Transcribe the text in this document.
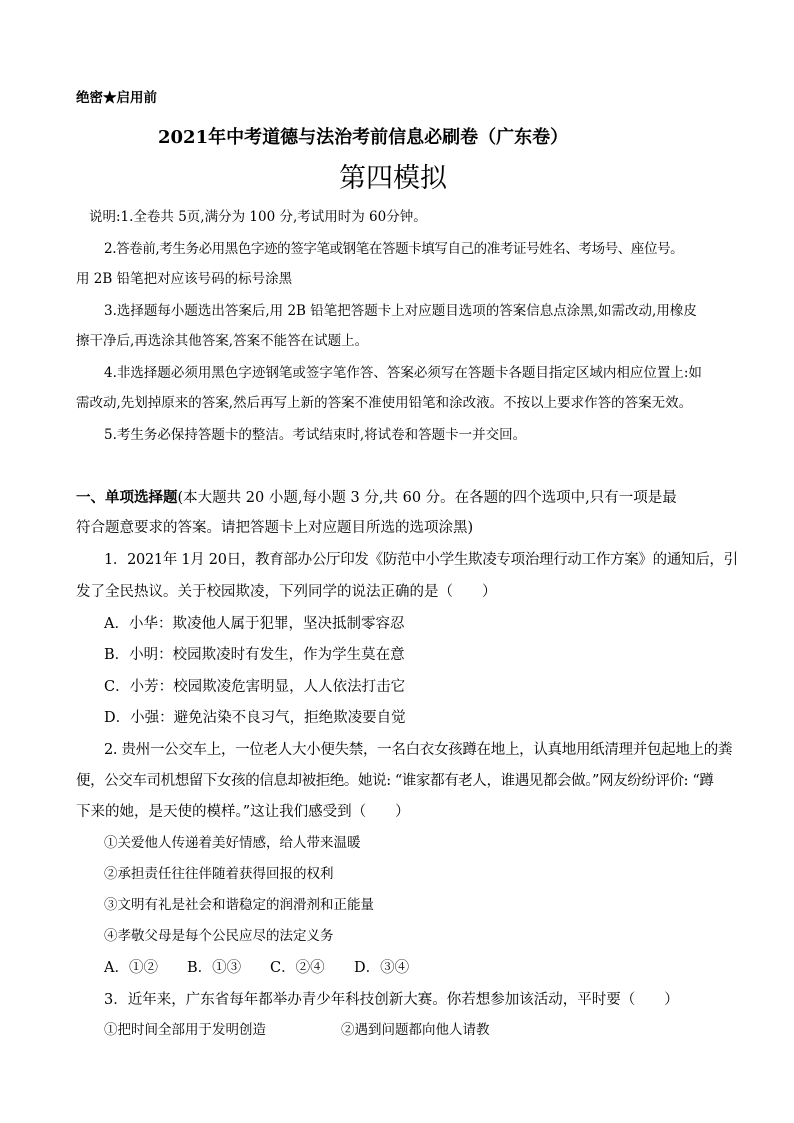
绝密★启用前
2021年中考道德与法治考前信息必刷卷（广东卷）
第四模拟
说明:1.全卷共 5页,满分为 100 分,考试用时为 60分钟。
2.答卷前,考生务必用黑色字迹的签字笔或钢笔在答题卡填写自己的准考证号姓名、考场号、座位号。
用 2B 铅笔把对应该号码的标号涂黑
3.选择题每小题选出答案后,用 2B 铅笔把答题卡上对应题目选项的答案信息点涂黑,如需改动,用橡皮
擦干净后,再选涂其他答案,答案不能答在试题上。
4.非选择题必须用黑色字迹钢笔或签字笔作答、答案必须写在答题卡各题目指定区域内相应位置上:如
需改动,先划掉原来的答案,然后再写上新的答案不准使用铅笔和涂改液。不按以上要求作答的答案无效。
5.考生务必保持答题卡的整洁。考试结束时,将试卷和答题卡一并交回。
一、单项选择题(本大题共 20 小题,每小题 3 分,共 60 分。在各题的四个选项中,只有一项是最
符合题意要求的答案。请把答题卡上对应题目所选的选项涂黑)
1．2021年 1月 20日，教育部办公厅印发《防范中小学生欺凌专项治理行动工作方案》的通知后，引
发了全民热议。关于校园欺凌，下列同学的说法正确的是（　　）
A．小华：欺凌他人属于犯罪，坚决抵制零容忍
B．小明：校园欺凌时有发生，作为学生莫在意
C．小芳：校园欺凌危害明显，人人依法打击它
D．小强：避免沾染不良习气，拒绝欺凌要自觉
2. 贵州一公交车上，一位老人大小便失禁，一名白衣女孩蹲在地上，认真地用纸清理并包起地上的粪
便，公交车司机想留下女孩的信息却被拒绝。她说: “谁家都有老人，谁遇见都会做。”网友纷纷评价: “蹲
下来的她，是天使的模样。”这让我们感受到（　　）
①关爱他人传递着美好情感，给人带来温暖
②承担责任往往伴随着获得回报的权利
③文明有礼是社会和谐稳定的润滑剂和正能量
④孝敬父母是每个公民应尽的法定义务
A．①② B．①③ C．②④ D．③④
3．近年来，广东省每年都举办青少年科技创新大赛。你若想参加该活动，平时要（　　）
①把时间全部用于发明创造	②遇到问题都向他人请教
